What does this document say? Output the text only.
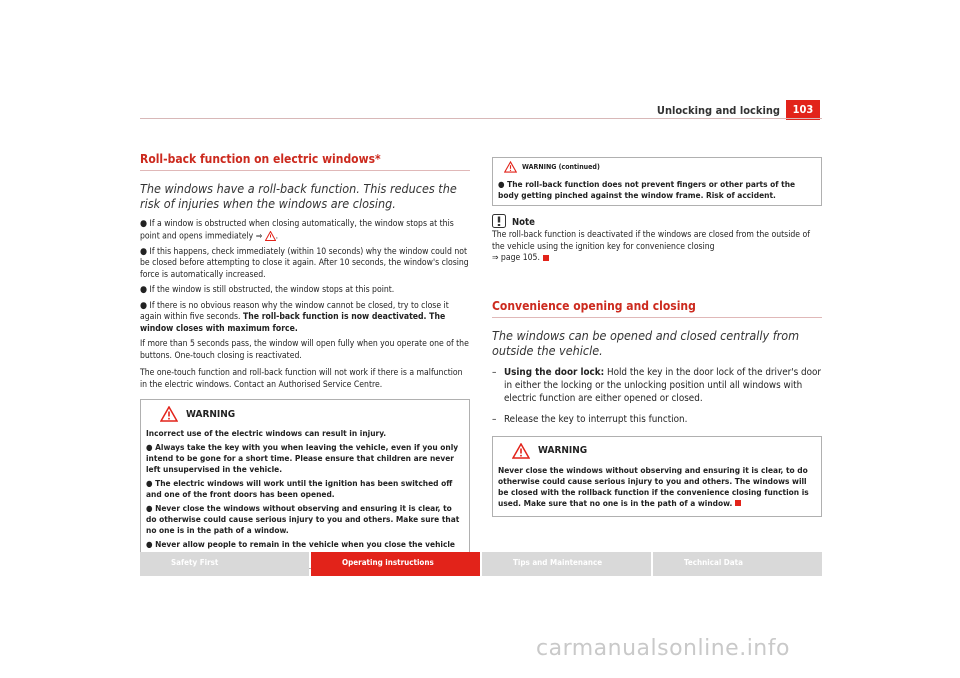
Unlocking and locking	103
Roll-back function on electric windows*
The windows have a roll-back function. This reduces the risk of injuries when the windows are closing.

● If a window is obstructed when closing automatically, the window stops at this point and opens immediately ⇒ .

● If this happens, check immediately (within 10 seconds) why the window could not be closed before attempting to close it again. After 10 seconds, the window's closing force is automatically increased.

● If the window is still obstructed, the window stops at this point.

● If there is no obvious reason why the window cannot be closed, try to close it again within five seconds. The roll-back function is now deactivated. The window closes with maximum force.

If more than 5 seconds pass, the window will open fully when you operate one of the buttons. One-touch closing is reactivated.

The one-touch function and roll-back function will not work if there is a malfunction in the electric windows. Contact an Authorised Service Centre.

WARNING

Incorrect use of the electric windows can result in injury.

● Always take the key with you when leaving the vehicle, even if you only intend to be gone for a short time. Please ensure that children are never left unsupervised in the vehicle.

● The electric windows will work until the ignition has been switched off and one of the front doors has been opened.

● Never close the windows without observing and ensuring it is clear, to do otherwise could cause serious injury to you and others. Make sure that no one is in the path of a window.

● Never allow people to remain in the vehicle when you close the vehicle

WARNING (continued)

● The roll-back function does not prevent fingers or other parts of the body getting pinched against the window frame. Risk of accident.

Note

The roll-back function is deactivated if the windows are closed from the outside of the vehicle using the ignition key for convenience closing
⇒ page 105.

Convenience opening and closing
The windows can be opened and closed centrally from outside the vehicle.
– Using the door lock: Hold the key in the door lock of the driver's door in either the locking or the unlocking position until all windows with electric function are either opened or closed.
– Release the key to interrupt this function.
WARNING

Never close the windows without observing and ensuring it is clear, to do otherwise could cause serious injury to you and others. The windows will be closed with the rollback function if the convenience closing function is used. Make sure that no one is in the path of a window.

Safety First	Operating instructions	Tips and Maintenance	Technical Data
carmanualsonline.info
